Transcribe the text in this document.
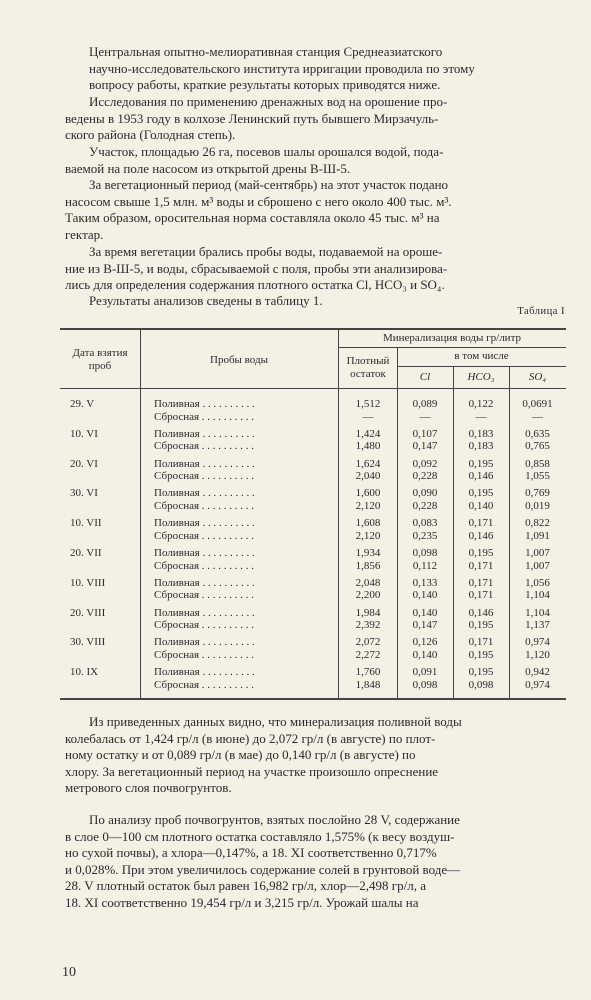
Центральная опытно-мелиоративная станция Среднеазиатского
научно-исследовательского института ирригации проводила по этому
вопросу работы, краткие результаты которых приводятся ниже.
Исследования по применению дренажных вод на орошение про-
ведены в 1953 году в колхозе Ленинский путь бывшего Мирзачуль-
ского района (Голодная степь).
Участок, площадью 26 га, посевов шалы орошался водой, пода-
ваемой на поле насосом из открытой дрены В-Ш-5.
За вегетационный период (май-сентябрь) на этот участок подано
насосом свыше 1,5 млн. м³ воды и сброшено с него около 400 тыс. м³.
Таким образом, оросительная норма составляла около 45 тыс. м³ на
гектар.
За время вегетации брались пробы воды, подаваемой на ороше-
ние из В-Ш-5, и воды, сбрасываемой с поля, пробы эти анализирова-
лись для определения содержания плотного остатка Cl, HCO₃ и SO₄.
Результаты анализов сведены в таблицу 1.
Таблица I
Дата взятия проб	Пробы воды
Минерализация воды гр/литр
Плотный остаток
в том числе
Cl	HCO₃	SO₄
29. V	Поливная . . . . . . . . . .	1,512	0,089	0,122	0,0691
Сбросная . . . . . . . . . .	—	—	—	—
10. VI	Поливная . . . . . . . . . .	1,424	0,107	0,183	0,635
Сбросная . . . . . . . . . .	1,480	0,147	0,183	0,765
20. VI	Поливная . . . . . . . . . .	1,624	0,092	0,195	0,858
Сбросная . . . . . . . . . .	2,040	0,228	0,146	1,055
30. VI	Поливная . . . . . . . . . .	1,600	0,090	0,195	0,769
Сбросная . . . . . . . . . .	2,120	0,228	0,140	0,019
10. VII	Поливная . . . . . . . . . .	1,608	0,083	0,171	0,822
Сбросная . . . . . . . . . .	2,120	0,235	0,146	1,091
20. VII	Поливная . . . . . . . . . .	1,934	0,098	0,195	1,007
Сбросная . . . . . . . . . .	1,856	0,112	0,171	1,007
10. VIII	Поливная . . . . . . . . . .	2,048	0,133	0,171	1,056
Сбросная . . . . . . . . . .	2,200	0,140	0,171	1,104
20. VIII	Поливная . . . . . . . . . .	1,984	0,140	0,146	1,104
Сбросная . . . . . . . . . .	2,392	0,147	0,195	1,137
30. VIII	Поливная . . . . . . . . . .	2,072	0,126	0,171	0,974
Сбросная . . . . . . . . . .	2,272	0,140	0,195	1,120
10. IX	Поливная . . . . . . . . . .	1,760	0,091	0,195	0,942
Сбросная . . . . . . . . . .	1,848	0,098	0,098	0,974
Из приведенных данных видно, что минерализация поливной воды
колебалась от 1,424 гр/л (в июне) до 2,072 гр/л (в августе) по плот-
ному остатку и от 0,089 гр/л (в мае) до 0,140 гр/л (в августе) по
хлору. За вегетационный период на участке произошло опреснение
метрового слоя почвогрунтов.
По анализу проб почвогрунтов, взятых послойно 28 V, содержание
в слое 0—100 см плотного остатка составляло 1,575% (к весу воздуш-
но сухой почвы), а хлора—0,147%, а 18. XI соответственно 0,717%
и 0,028%. При этом увеличилось содержание солей в грунтовой воде—
28. V плотный остаток был равен 16,982 гр/л, хлор—2,498 гр/л, а
18. XI соответственно 19,454 гр/л и 3,215 гр/л. Урожай шалы на
10
